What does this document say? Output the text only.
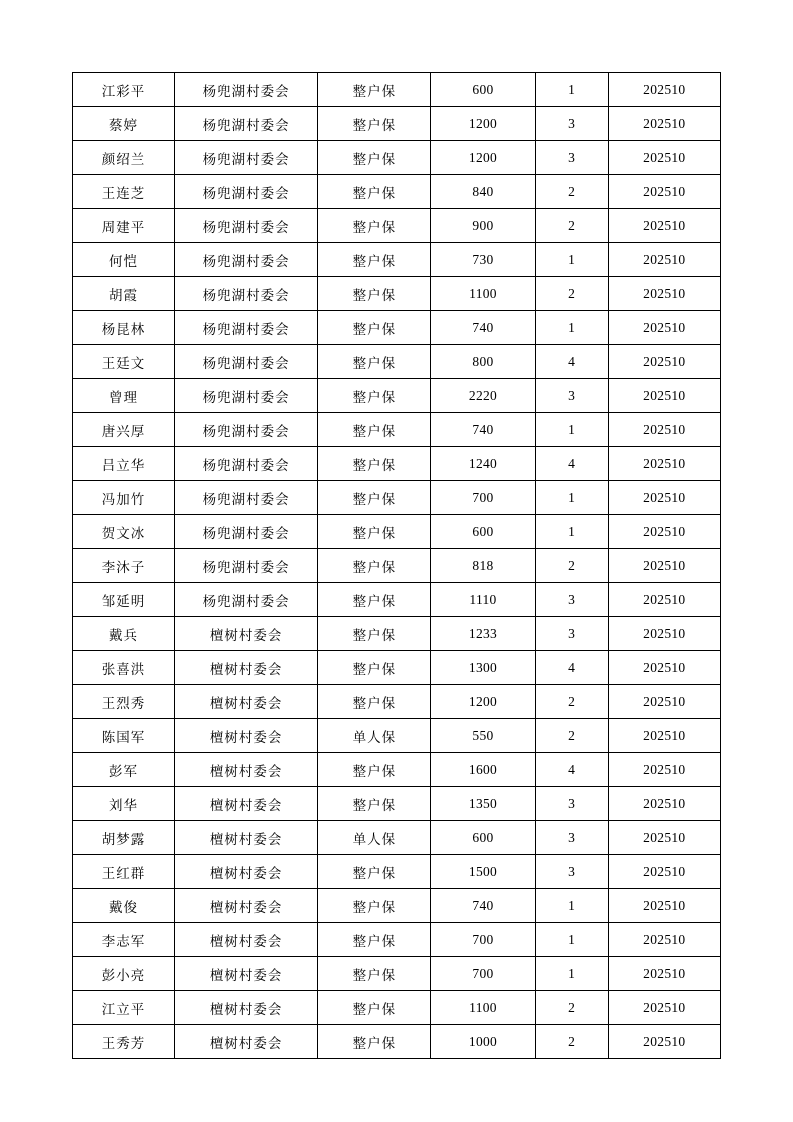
江彩平	杨兜湖村委会	整户保	600	1	202510
蔡婷	杨兜湖村委会	整户保	1200	3	202510
颜绍兰	杨兜湖村委会	整户保	1200	3	202510
王连芝	杨兜湖村委会	整户保	840	2	202510
周建平	杨兜湖村委会	整户保	900	2	202510
何恺	杨兜湖村委会	整户保	730	1	202510
胡霞	杨兜湖村委会	整户保	1100	2	202510
杨昆林	杨兜湖村委会	整户保	740	1	202510
王廷文	杨兜湖村委会	整户保	800	4	202510
曾理	杨兜湖村委会	整户保	2220	3	202510
唐兴厚	杨兜湖村委会	整户保	740	1	202510
吕立华	杨兜湖村委会	整户保	1240	4	202510
冯加竹	杨兜湖村委会	整户保	700	1	202510
贺文冰	杨兜湖村委会	整户保	600	1	202510
李沐子	杨兜湖村委会	整户保	818	2	202510
邹延明	杨兜湖村委会	整户保	1110	3	202510
戴兵	檀树村委会	整户保	1233	3	202510
张喜洪	檀树村委会	整户保	1300	4	202510
王烈秀	檀树村委会	整户保	1200	2	202510
陈国军	檀树村委会	单人保	550	2	202510
彭军	檀树村委会	整户保	1600	4	202510
刘华	檀树村委会	整户保	1350	3	202510
胡梦露	檀树村委会	单人保	600	3	202510
王红群	檀树村委会	整户保	1500	3	202510
戴俊	檀树村委会	整户保	740	1	202510
李志军	檀树村委会	整户保	700	1	202510
彭小亮	檀树村委会	整户保	700	1	202510
江立平	檀树村委会	整户保	1100	2	202510
王秀芳	檀树村委会	整户保	1000	2	202510
